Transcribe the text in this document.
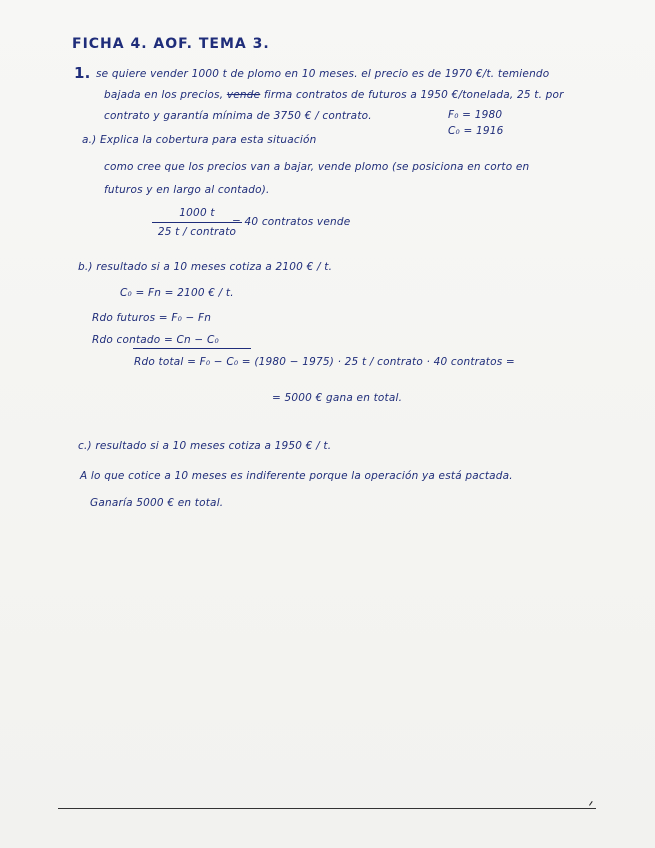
FICHA 4. AOF. TEMA 3.

1. se quiere vender 1000 t de plomo en 10 meses. el precio es de 1970 €/t. temiendo

bajada en los precios, vende firma contratos de futuros a 1950 €/tonelada, 25 t. por

contrato y garantía mínima de 3750 € / contrato.	F₀ = 1980

C₀ = 1916

a.) Explica la cobertura para esta situación

como cree que los precios van a bajar, vende plomo (se posiciona en corto en

futuros y en largo al contado).

1000 t
25 t / contrato

= 40 contratos vende

b.) resultado si a 10 meses cotiza a 2100 € / t.

C₀ = Fn = 2100 € / t.

Rdo futuros = F₀ − Fn

Rdo contado = Cn − C₀

Rdo total = F₀ − C₀ = (1980 − 1975) · 25 t / contrato · 40 contratos =

= 5000 € gana en total.

c.) resultado si a 10 meses cotiza a 1950 € / t.

A lo que cotice a 10 meses es indiferente porque la operación ya está pactada.

Ganaría 5000 € en total.
